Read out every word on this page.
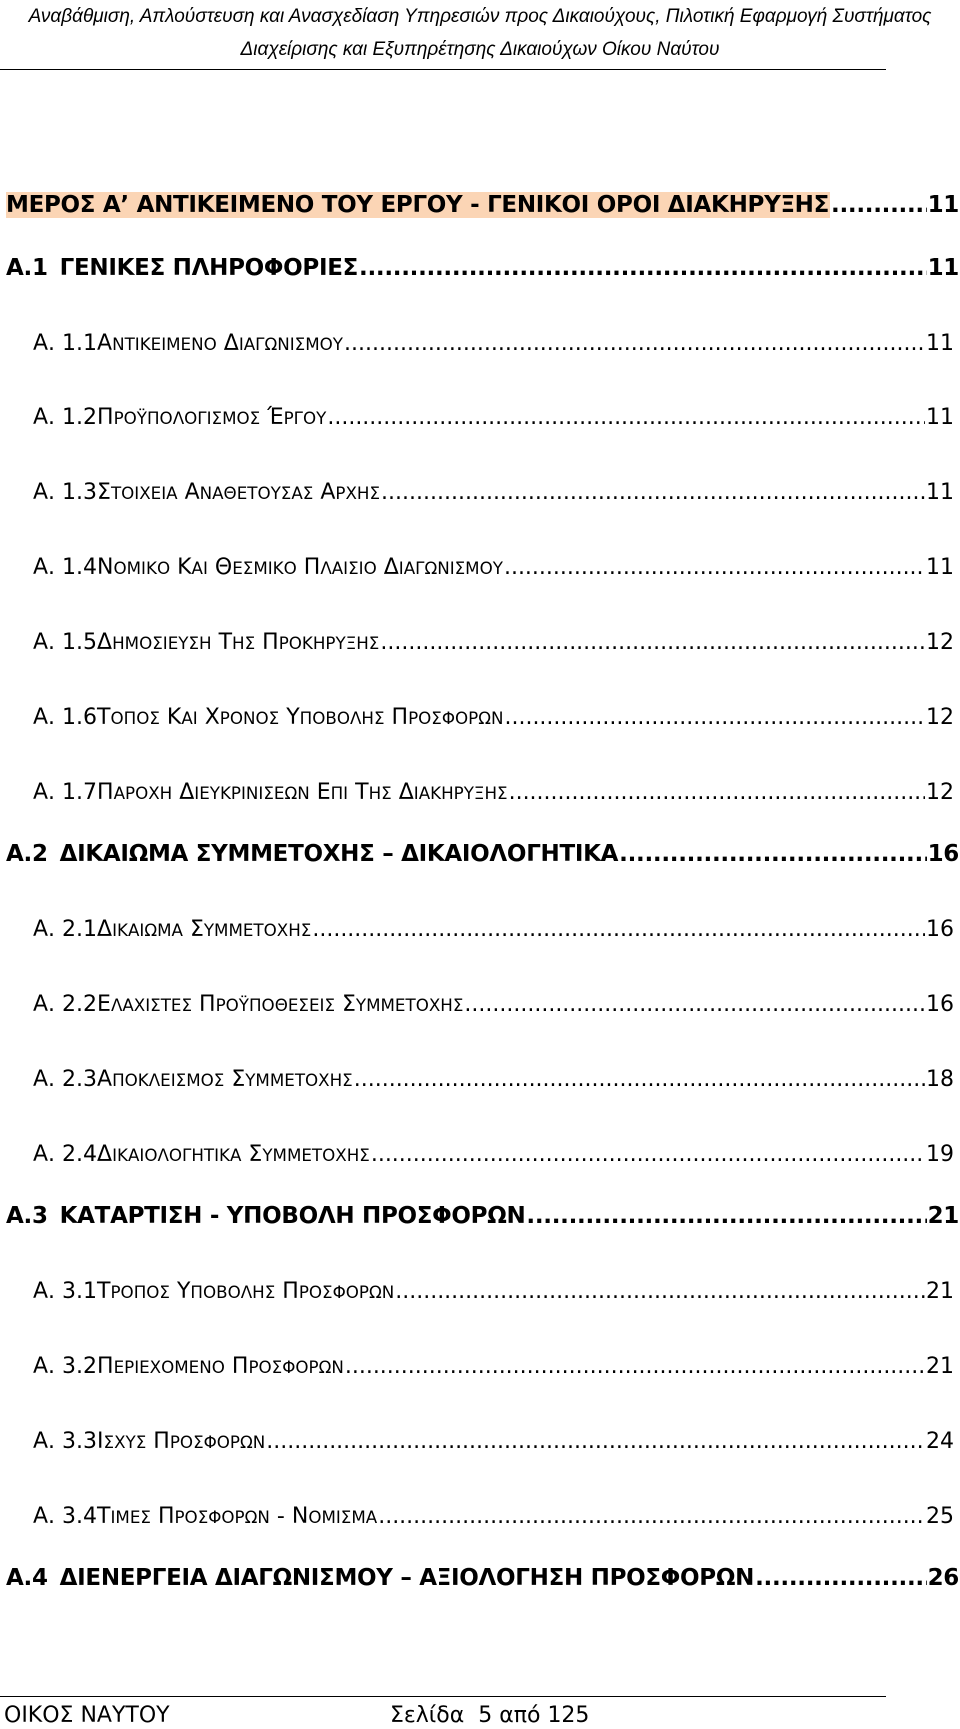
Αναβάθμιση, Απλούστευση και Ανασχεδίαση Υπηρεσιών προς Δικαιούχους, Πιλοτική Εφαρμογή Συστήματος
Διαχείρισης και Εξυπηρέτησης Δικαιούχων Οίκου Ναύτου
ΜΕΡΟΣ Α’ ΑΝΤΙΚΕΙΜΕΝΟ ΤΟΥ ΕΡΓΟΥ - ΓΕΝΙΚΟΙ ΟΡΟΙ ΔΙΑΚΗΡΥΞΗΣ .....	11
Α.1 ΓΕΝΙΚΕΣ ΠΛΗΡΟΦΟΡΙΕΣ .....	11
Α. 1.1 ΑΝΤΙΚΕΙΜΕΝΟ ΔΙΑΓΩΝΙΣΜΟΥ .....	11
Α. 1.2 ΠΡΟΫΠΟΛΟΓΙΣΜΟΣ ΈΡΓΟΥ .....	11
Α. 1.3 ΣΤΟΙΧΕΙΑ ΑΝΑΘΕΤΟΥΣΑΣ ΑΡΧΗΣ .....	11
Α. 1.4 ΝΟΜΙΚΟ ΚΑΙ ΘΕΣΜΙΚΟ ΠΛΑΙΣΙΟ ΔΙΑΓΩΝΙΣΜΟΥ .....	11
Α. 1.5 ΔΗΜΟΣΙΕΥΣΗ ΤΗΣ ΠΡΟΚΗΡΥΞΗΣ .....	12
Α. 1.6 ΤΟΠΟΣ ΚΑΙ ΧΡΟΝΟΣ ΥΠΟΒΟΛΗΣ ΠΡΟΣΦΟΡΩΝ .....	12
Α. 1.7 ΠΑΡΟΧΗ ΔΙΕΥΚΡΙΝΙΣΕΩΝ ΕΠΙ ΤΗΣ ΔΙΑΚΗΡΥΞΗΣ .....	12
Α.2 ΔΙΚΑΙΩΜΑ ΣΥΜΜΕΤΟΧΗΣ – ΔΙΚΑΙΟΛΟΓΗΤΙΚΑ .....	16
Α. 2.1 ΔΙΚΑΙΩΜΑ ΣΥΜΜΕΤΟΧΗΣ .....	16
Α. 2.2 ΕΛΑΧΙΣΤΕΣ ΠΡΟΫΠΟΘΕΣΕΙΣ ΣΥΜΜΕΤΟΧΗΣ .....	16
Α. 2.3 ΑΠΟΚΛΕΙΣΜΟΣ ΣΥΜΜΕΤΟΧΗΣ .....	18
Α. 2.4 ΔΙΚΑΙΟΛΟΓΗΤΙΚΑ ΣΥΜΜΕΤΟΧΗΣ .....	19
Α.3 ΚΑΤΑΡΤΙΣΗ - ΥΠΟΒΟΛΗ ΠΡΟΣΦΟΡΩΝ .....	21
Α. 3.1 ΤΡΟΠΟΣ ΥΠΟΒΟΛΗΣ ΠΡΟΣΦΟΡΩΝ .....	21
Α. 3.2 ΠΕΡΙΕΧΟΜΕΝΟ ΠΡΟΣΦΟΡΩΝ .....	21
Α. 3.3 ΙΣΧΥΣ ΠΡΟΣΦΟΡΩΝ .....	24
Α. 3.4 ΤΙΜΕΣ ΠΡΟΣΦΟΡΩΝ - ΝΟΜΙΣΜΑ .....	25
Α.4 ΔΙΕΝΕΡΓΕΙΑ ΔΙΑΓΩΝΙΣΜΟΥ – ΑΞΙΟΛΟΓΗΣΗ ΠΡΟΣΦΟΡΩΝ .....	26
ΟΙΚΟΣ ΝΑΥΤΟΥ	Σελίδα 5 από 125
